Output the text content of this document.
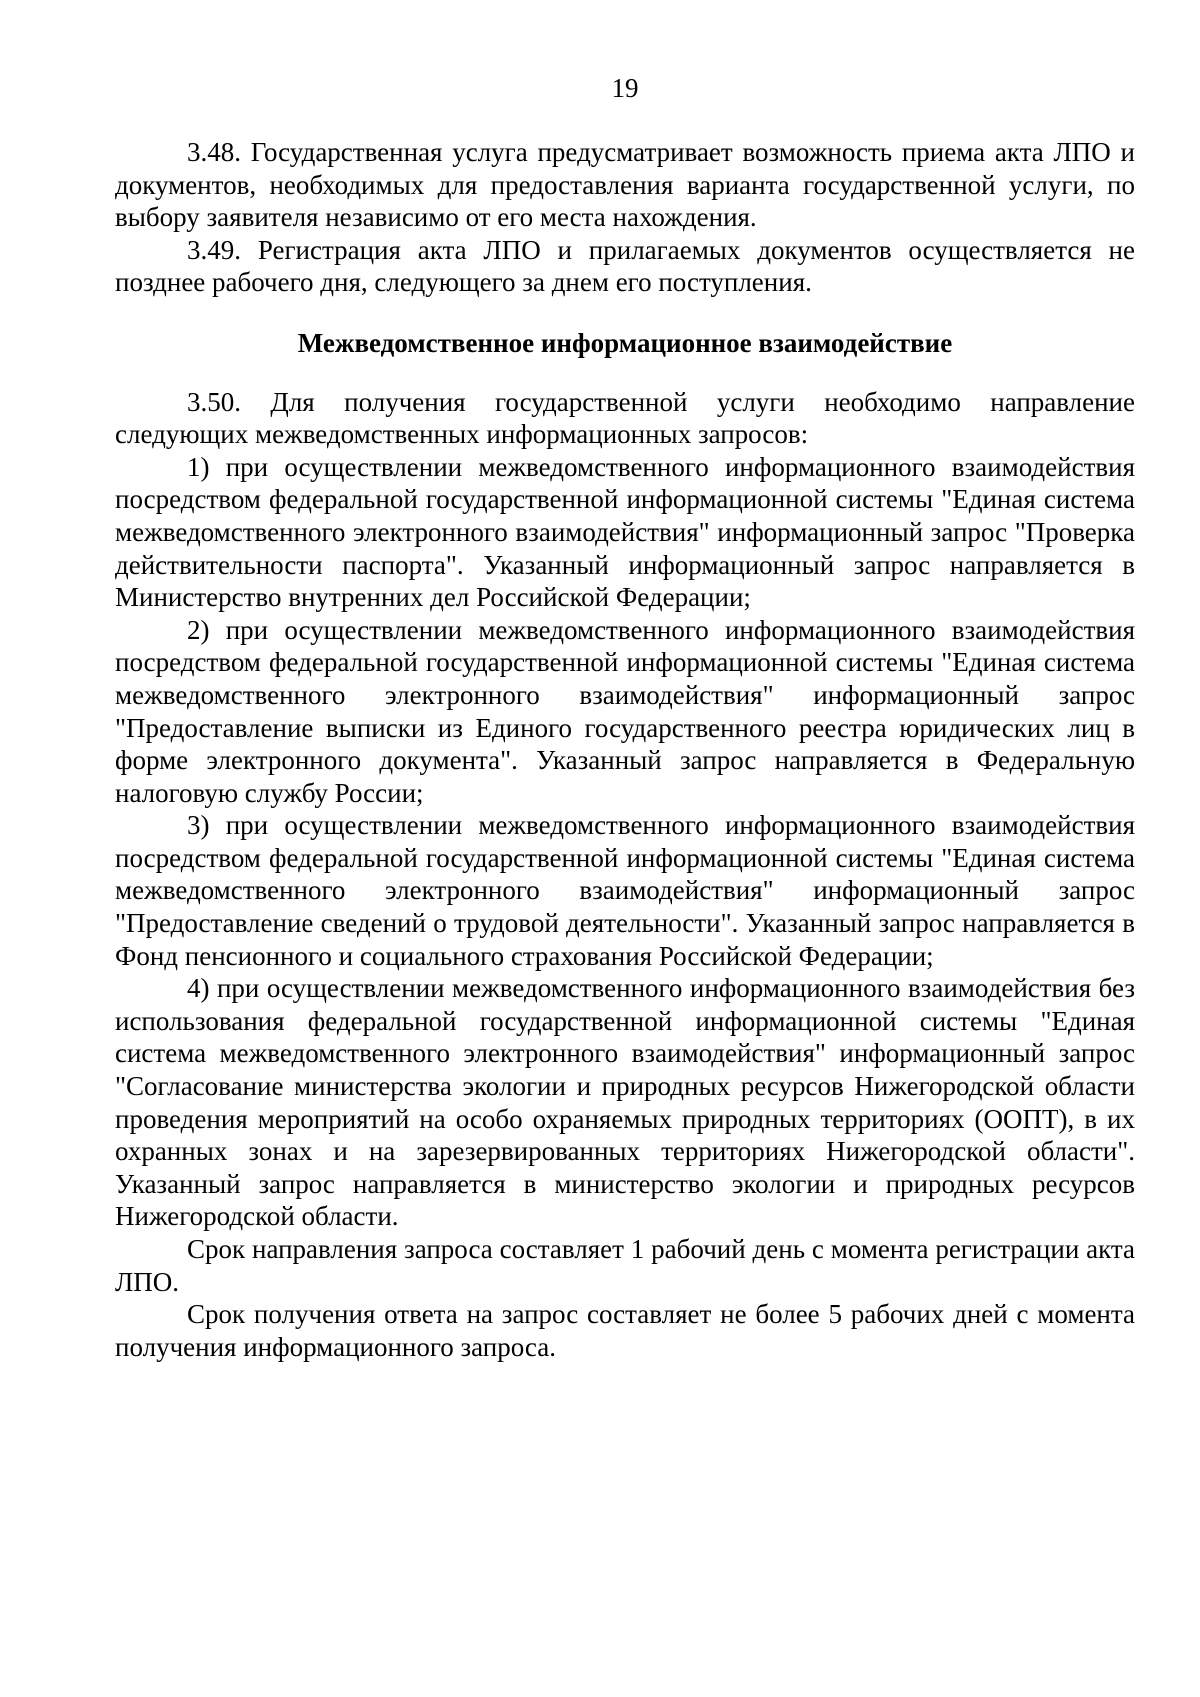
19

3.48. Государственная услуга предусматривает возможность приема акта ЛПО и документов, необходимых для предоставления варианта государственной услуги, по выбору заявителя независимо от его места нахождения.

3.49. Регистрация акта ЛПО и прилагаемых документов осуществляется не позднее рабочего дня, следующего за днем его поступления.

Межведомственное информационное взаимодействие

3.50. Для получения государственной услуги необходимо направление следующих межведомственных информационных запросов:

1) при осуществлении межведомственного информационного взаимодействия посредством федеральной государственной информационной системы "Единая система межведомственного электронного взаимодействия" информационный запрос "Проверка действительности паспорта". Указанный информационный запрос направляется в Министерство внутренних дел Российской Федерации;

2) при осуществлении межведомственного информационного взаимодействия посредством федеральной государственной информационной системы "Единая система межведомственного электронного взаимодействия" информационный запрос "Предоставление выписки из Единого государственного реестра юридических лиц в форме электронного документа". Указанный запрос направляется в Федеральную налоговую службу России;

3) при осуществлении межведомственного информационного взаимодействия посредством федеральной государственной информационной системы "Единая система межведомственного электронного взаимодействия" информационный запрос "Предоставление сведений о трудовой деятельности". Указанный запрос направляется в Фонд пенсионного и социального страхования Российской Федерации;

4) при осуществлении межведомственного информационного взаимодействия без использования федеральной государственной информационной системы "Единая система межведомственного электронного взаимодействия" информационный запрос "Согласование министерства экологии и природных ресурсов Нижегородской области проведения мероприятий на особо охраняемых природных территориях (ООПТ), в их охранных зонах и на зарезервированных территориях Нижегородской области". Указанный запрос направляется в министерство экологии и природных ресурсов Нижегородской области.

Срок направления запроса составляет 1 рабочий день с момента регистрации акта ЛПО.

Срок получения ответа на запрос составляет не более 5 рабочих дней с момента получения информационного запроса.
